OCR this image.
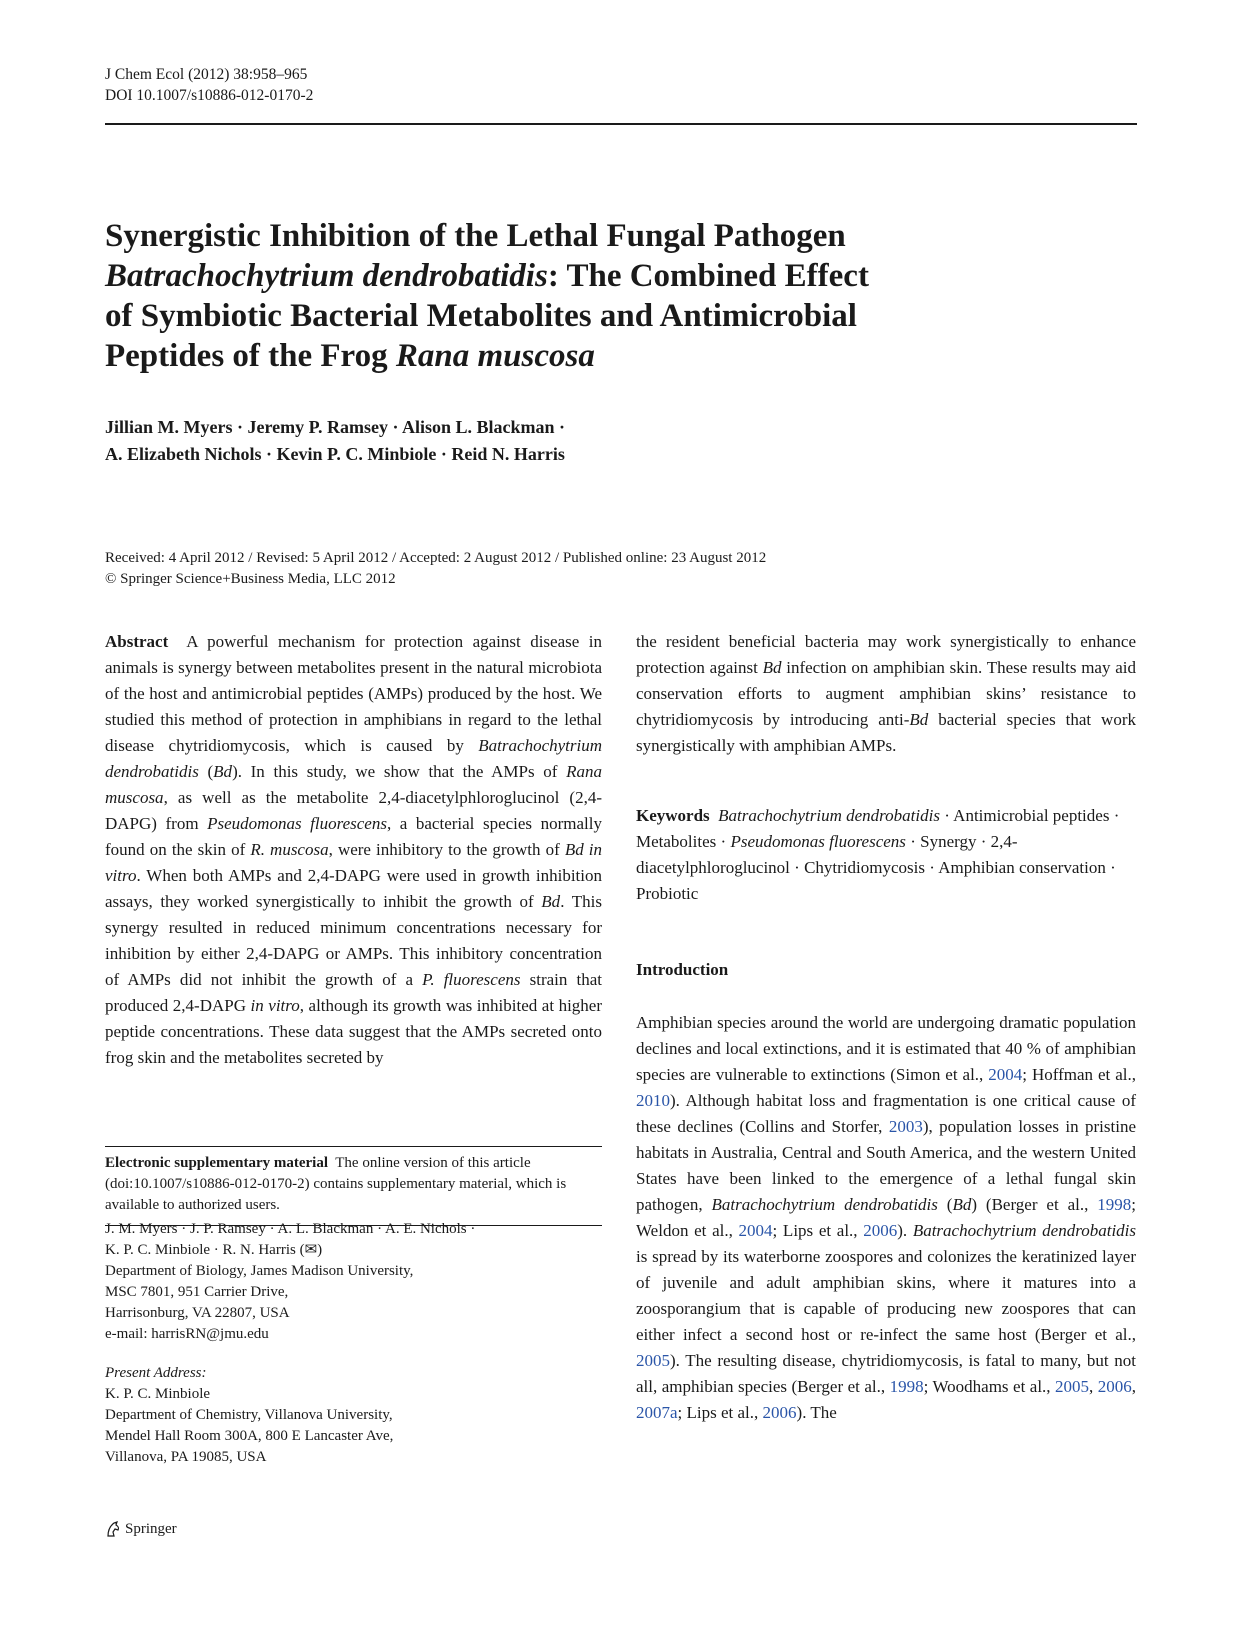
J Chem Ecol (2012) 38:958–965
DOI 10.1007/s10886-012-0170-2
Synergistic Inhibition of the Lethal Fungal Pathogen
Batrachochytrium dendrobatidis: The Combined Effect
of Symbiotic Bacterial Metabolites and Antimicrobial
Peptides of the Frog Rana muscosa
Jillian M. Myers · Jeremy P. Ramsey · Alison L. Blackman ·
A. Elizabeth Nichols · Kevin P. C. Minbiole · Reid N. Harris
Received: 4 April 2012 / Revised: 5 April 2012 / Accepted: 2 August 2012 / Published online: 23 August 2012
© Springer Science+Business Media, LLC 2012

Abstract A powerful mechanism for protection against disease in animals is synergy between metabolites present in the natural microbiota of the host and antimicrobial peptides (AMPs) produced by the host. We studied this method of protection in amphibians in regard to the lethal disease chytridiomycosis, which is caused by Batrachochytrium dendrobatidis (Bd). In this study, we show that the AMPs of Rana muscosa, as well as the metabolite 2,4-diacetylphloroglucinol (2,4-DAPG) from Pseudomonas fluorescens, a bacterial species normally found on the skin of R. muscosa, were inhibitory to the growth of Bd in vitro. When both AMPs and 2,4-DAPG were used in growth inhibition assays, they worked synergistically to inhibit the growth of Bd. This synergy resulted in reduced minimum concentrations necessary for inhibition by either 2,4-DAPG or AMPs. This inhibitory concentration of AMPs did not inhibit the growth of a P. fluorescens strain that produced 2,4-DAPG in vitro, although its growth was inhibited at higher peptide concentrations. These data suggest that the AMPs secreted onto frog skin and the metabolites secreted by

Electronic supplementary material The online version of this article (doi:10.1007/s10886-012-0170-2) contains supplementary material, which is available to authorized users.
J. M. Myers · J. P. Ramsey · A. L. Blackman · A. E. Nichols ·
K. P. C. Minbiole · R. N. Harris (✉)
Department of Biology, James Madison University,
MSC 7801, 951 Carrier Drive,
Harrisonburg, VA 22807, USA
e-mail: harrisRN@jmu.edu
Present Address:
K. P. C. Minbiole
Department of Chemistry, Villanova University,
Mendel Hall Room 300A, 800 E Lancaster Ave,
Villanova, PA 19085, USA

the resident beneficial bacteria may work synergistically to enhance protection against Bd infection on amphibian skin. These results may aid conservation efforts to augment amphibian skins’ resistance to chytridiomycosis by introducing anti-Bd bacterial species that work synergistically with amphibian AMPs.

Keywords Batrachochytrium dendrobatidis · Antimicrobial peptides · Metabolites · Pseudomonas fluorescens · Synergy · 2,4-diacetylphloroglucinol · Chytridiomycosis · Amphibian conservation · Probiotic

Introduction

Amphibian species around the world are undergoing dramatic population declines and local extinctions, and it is estimated that 40 % of amphibian species are vulnerable to extinctions (Simon et al., 2004; Hoffman et al., 2010). Although habitat loss and fragmentation is one critical cause of these declines (Collins and Storfer, 2003), population losses in pristine habitats in Australia, Central and South America, and the western United States have been linked to the emergence of a lethal fungal skin pathogen, Batrachochytrium dendrobatidis (Bd) (Berger et al., 1998; Weldon et al., 2004; Lips et al., 2006). Batrachochytrium dendrobatidis is spread by its waterborne zoospores and colonizes the keratinized layer of juvenile and adult amphibian skins, where it matures into a zoosporangium that is capable of producing new zoospores that can either infect a second host or re-infect the same host (Berger et al., 2005). The resulting disease, chytridiomycosis, is fatal to many, but not all, amphibian species (Berger et al., 1998; Woodhams et al., 2005, 2006, 2007a; Lips et al., 2006). The

Springer
